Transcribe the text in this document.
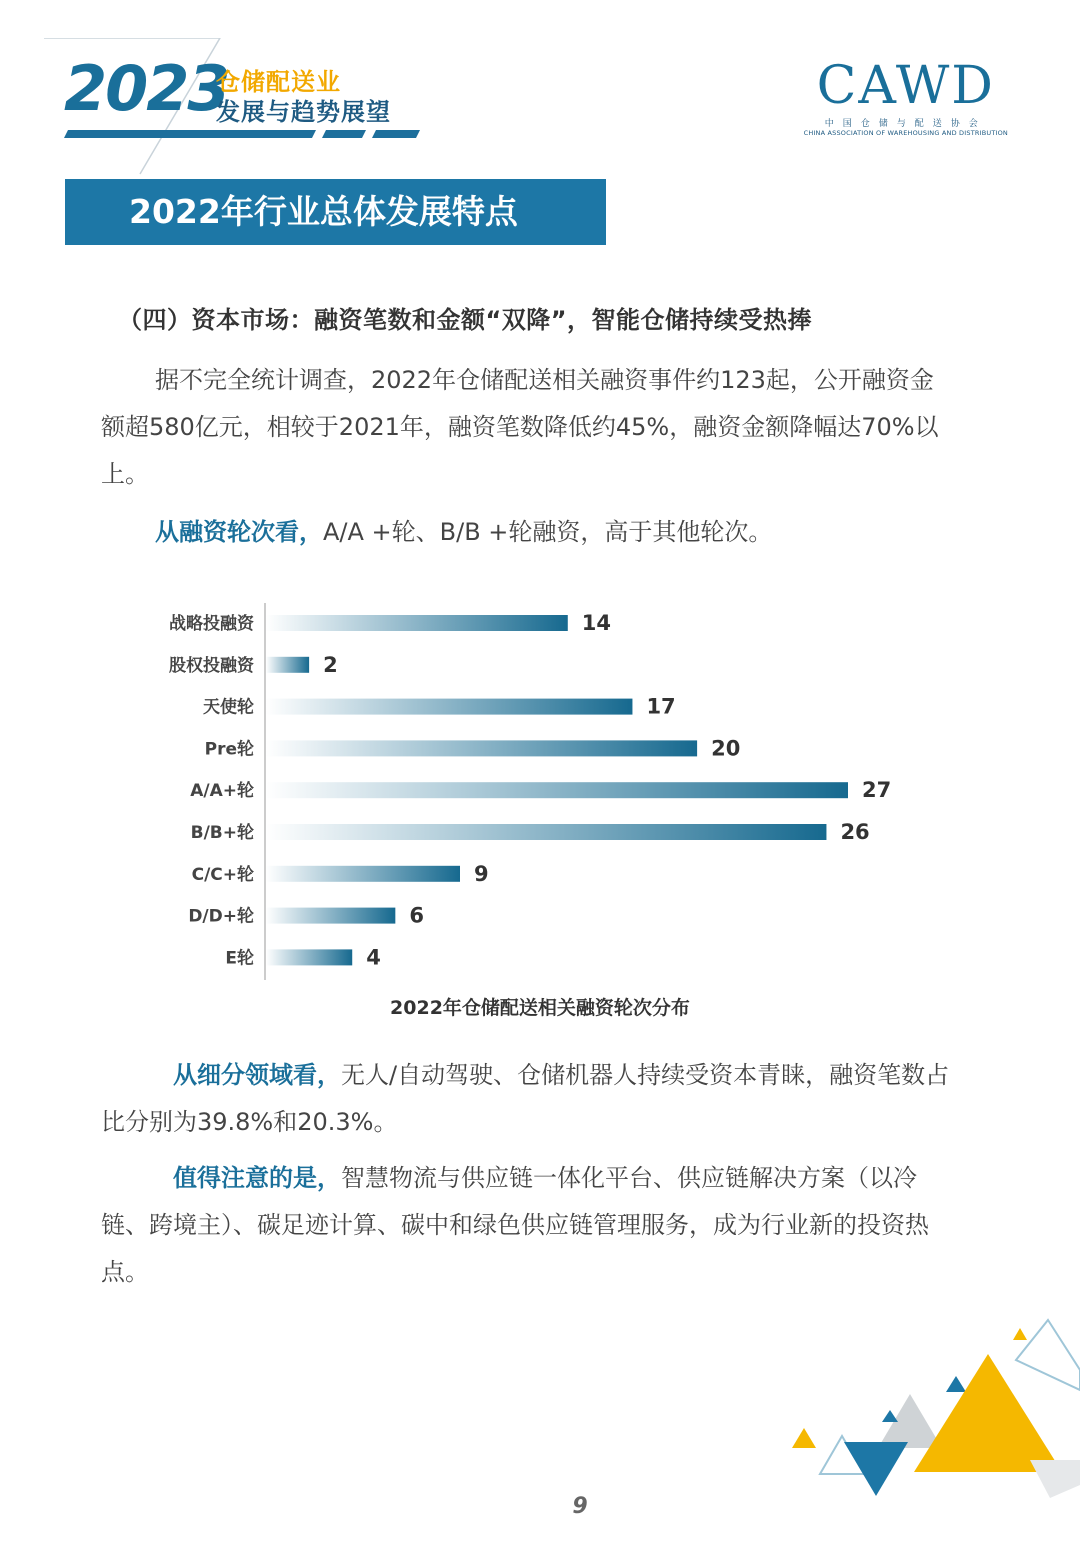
2023
仓储配送业
发展与趋势展望	CAWD
中国仓储与配送协会
CHINA ASSOCIATION OF WAREHOUSING AND DISTRIBUTION
2022年行业总体发展特点
（四）资本市场：融资笔数和金额“双降”，智能仓储持续受热捧
据不完全统计调查，2022年仓储配送相关融资事件约123起，公开融资金额超580亿元，相较于2021年，融资笔数降低约45%，融资金额降幅达70%以上。
从融资轮次看，A/A +轮、B/B +轮融资，高于其他轮次。
战略投融资	14
股权投融资	2
天使轮	17
Pre轮	20
A/A+轮	27
B/B+轮	26
C/C+轮	9
D/D+轮	6
E轮	4
2022年仓储配送相关融资轮次分布
从细分领域看，无人/自动驾驶、仓储机器人持续受资本青睐，融资笔数占比分别为39.8%和20.3%。
值得注意的是，智慧物流与供应链一体化平台、供应链解决方案（以冷链、跨境主）、碳足迹计算、碳中和绿色供应链管理服务，成为行业新的投资热点。
9
